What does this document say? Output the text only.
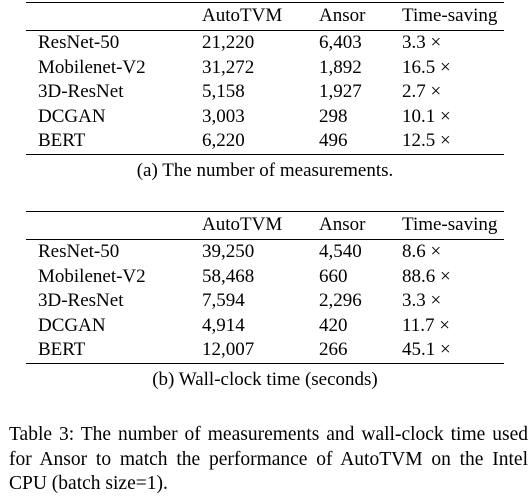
	AutoTVM	Ansor	Time-saving
ResNet-50	21,220	6,403	3.3 ×
Mobilenet-V2	31,272	1,892	16.5 ×
3D-ResNet	5,158	1,927	2.7 ×
DCGAN	3,003	298	10.1 ×
BERT	6,220	496	12.5 ×
(a) The number of measurements.
	AutoTVM	Ansor	Time-saving
ResNet-50	39,250	4,540	8.6 ×
Mobilenet-V2	58,468	660	88.6 ×
3D-ResNet	7,594	2,296	3.3 ×
DCGAN	4,914	420	11.7 ×
BERT	12,007	266	45.1 ×
(b) Wall-clock time (seconds)
Table 3: The number of measurements and wall-clock time used for Ansor to match the performance of AutoTVM on the Intel CPU (batch size=1).
